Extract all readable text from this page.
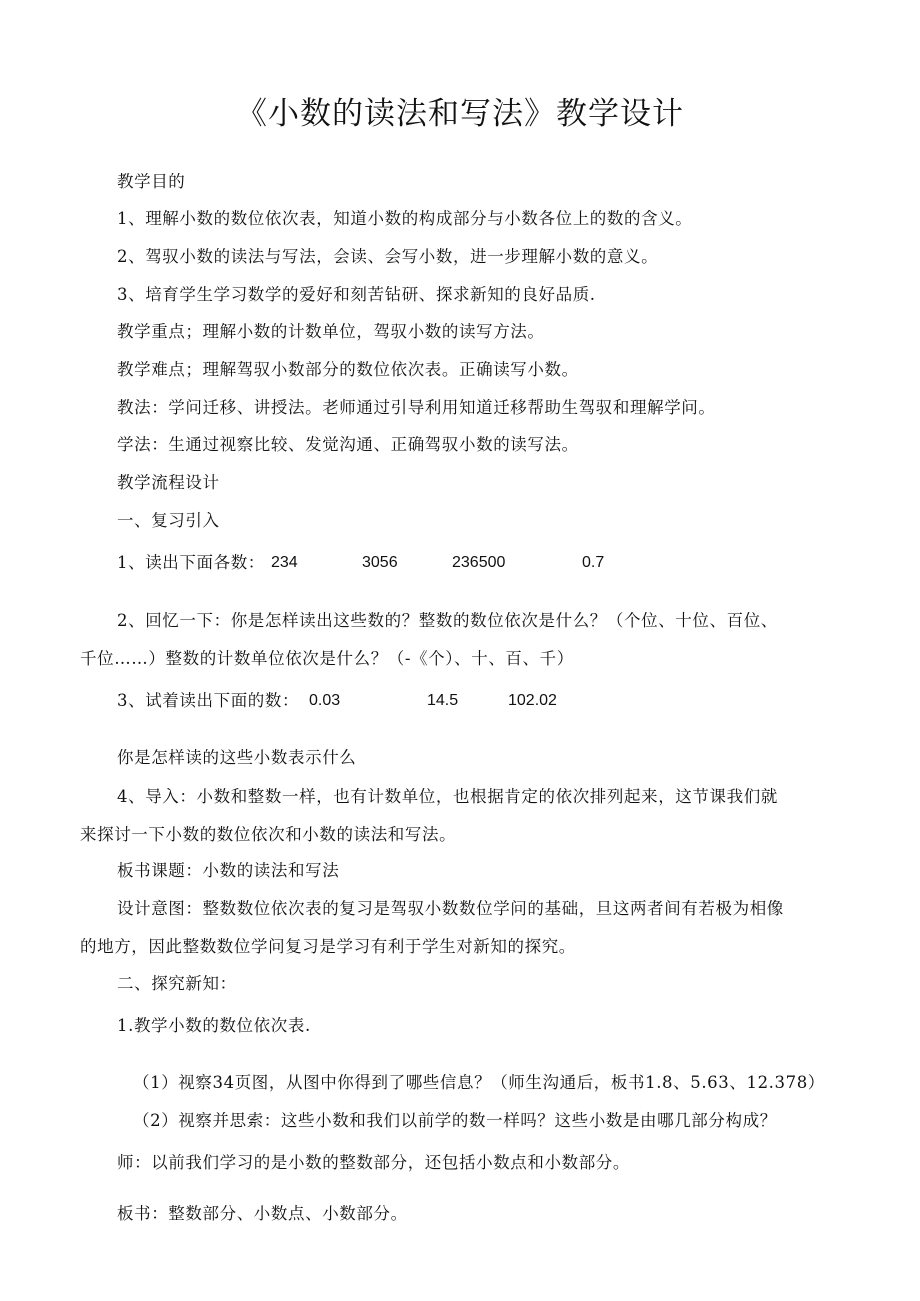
《小数的读法和写法》教学设计
教学目的
1、理解小数的数位依次表，知道小数的构成部分与小数各位上的数的含义。
2、驾驭小数的读法与写法，会读、会写小数，进一步理解小数的意义。
3、培育学生学习数学的爱好和刻苦钻研、探求新知的良好品质.
教学重点；理解小数的计数单位，驾驭小数的读写方法。
教学难点；理解驾驭小数部分的数位依次表。正确读写小数。
教法：学问迁移、讲授法。老师通过引导利用知道迁移帮助生驾驭和理解学问。
学法：生通过视察比较、发觉沟通、正确驾驭小数的读写法。
教学流程设计
一、复习引入
1、读出下面各数： 234	3056	236500	0.7
2、回忆一下：你是怎样读出这些数的？整数的数位依次是什么？（个位、十位、百位、
千位……）整数的计数单位依次是什么？（-《个）、十、百、千）
3、试着读出下面的数： 0.03	14.5	102.02
你是怎样读的这些小数表示什么
4、导入：小数和整数一样，也有计数单位，也根据肯定的依次排列起来，这节课我们就
来探讨一下小数的数位依次和小数的读法和写法。
板书课题：小数的读法和写法
设计意图：整数数位依次表的复习是驾驭小数数位学问的基础，旦这两者间有若极为相像
的地方，因此整数数位学问复习是学习有利于学生对新知的探究。
二、探究新知：
1.教学小数的数位依次表.
（1）视察34页图，从图中你得到了哪些信息？（师生沟通后，板书1.8、5.63、12.378）
（2）视察并思索：这些小数和我们以前学的数一样吗？这些小数是由哪几部分构成？
师：以前我们学习的是小数的整数部分，还包括小数点和小数部分。
板书：整数部分、小数点、小数部分。
